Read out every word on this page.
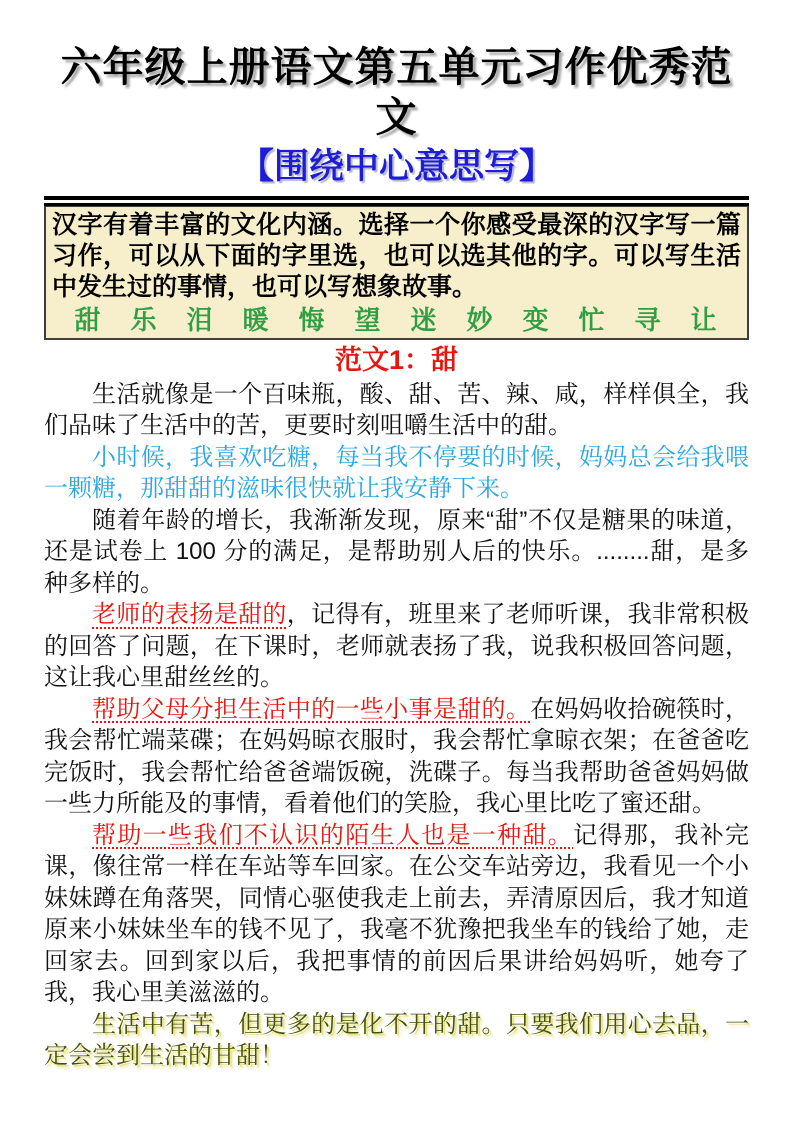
六年级上册语文第五单元习作优秀范文
【围绕中心意思写】
汉字有着丰富的文化内涵。选择一个你感受最深的汉字写一篇习作，可以从下面的字里选，也可以选其他的字。可以写生活中发生过的事情，也可以写想象故事。
甜　乐　泪　暖　悔　望　迷　妙　变　忙　寻　让
范文1：甜

生活就像是一个百味瓶，酸、甜、苦、辣、咸，样样俱全，我们品味了生活中的苦，更要时刻咀嚼生活中的甜。

小时候，我喜欢吃糖，每当我不停要的时候，妈妈总会给我喂一颗糖，那甜甜的滋味很快就让我安静下来。

随着年龄的增长，我渐渐发现，原来“甜”不仅是糖果的味道，还是试卷上 100 分的满足，是帮助别人后的快乐。........甜，是多种多样的。

老师的表扬是甜的，记得有，班里来了老师听课，我非常积极的回答了问题，在下课时，老师就表扬了我，说我积极回答问题，这让我心里甜丝丝的。

帮助父母分担生活中的一些小事是甜的。在妈妈收拾碗筷时，我会帮忙端菜碟；在妈妈晾衣服时，我会帮忙拿晾衣架；在爸爸吃完饭时，我会帮忙给爸爸端饭碗，洗碟子。每当我帮助爸爸妈妈做一些力所能及的事情，看着他们的笑脸，我心里比吃了蜜还甜。

帮助一些我们不认识的陌生人也是一种甜。记得那，我补完课，像往常一样在车站等车回家。在公交车站旁边，我看见一个小妹妹蹲在角落哭，同情心驱使我走上前去，弄清原因后，我才知道原来小妹妹坐车的钱不见了，我毫不犹豫把我坐车的钱给了她，走回家去。回到家以后，我把事情的前因后果讲给妈妈听，她夸了我，我心里美滋滋的。

生活中有苦，但更多的是化不开的甜。只要我们用心去品，一定会尝到生活的甘甜！
